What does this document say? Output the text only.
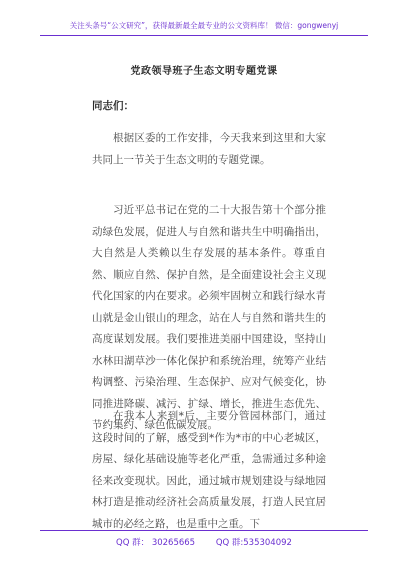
关注头条号“公文研究”，获得最新最全最专业的公文资料库！ 微信：gongwenyj
党政领导班子生态文明专题党课
同志们：

根据区委的工作安排，今天我来到这里和大家共同上一节关于生态文明的专题党课。

习近平总书记在党的二十大报告第十个部分推动绿色发展，促进人与自然和谐共生中明确指出，大自然是人类赖以生存发展的基本条件。尊重自然、顺应自然、保护自然，是全面建设社会主义现代化国家的内在要求。必须牢固树立和践行绿水青山就是金山银山的理念，站在人与自然和谐共生的高度谋划发展。我们要推进美丽中国建设，坚持山水林田湖草沙一体化保护和系统治理，统筹产业结构调整、污染治理、生态保护、应对气候变化，协同推进降碳、减污、扩绿、增长，推进生态优先、节约集约、绿色低碳发展。

在我本人来到*后，主要分管园林部门，通过这段时间的了解，感受到*作为*市的中心老城区，房屋、绿化基础设施等老化严重，急需通过多种途径来改变现状。因此，通过城市规划建设与绿地园林打造是推动经济社会高质量发展，打造人民宜居城市的必经之路，也是重中之重。下

QQ 群： 30265665 QQ 群:535304092
